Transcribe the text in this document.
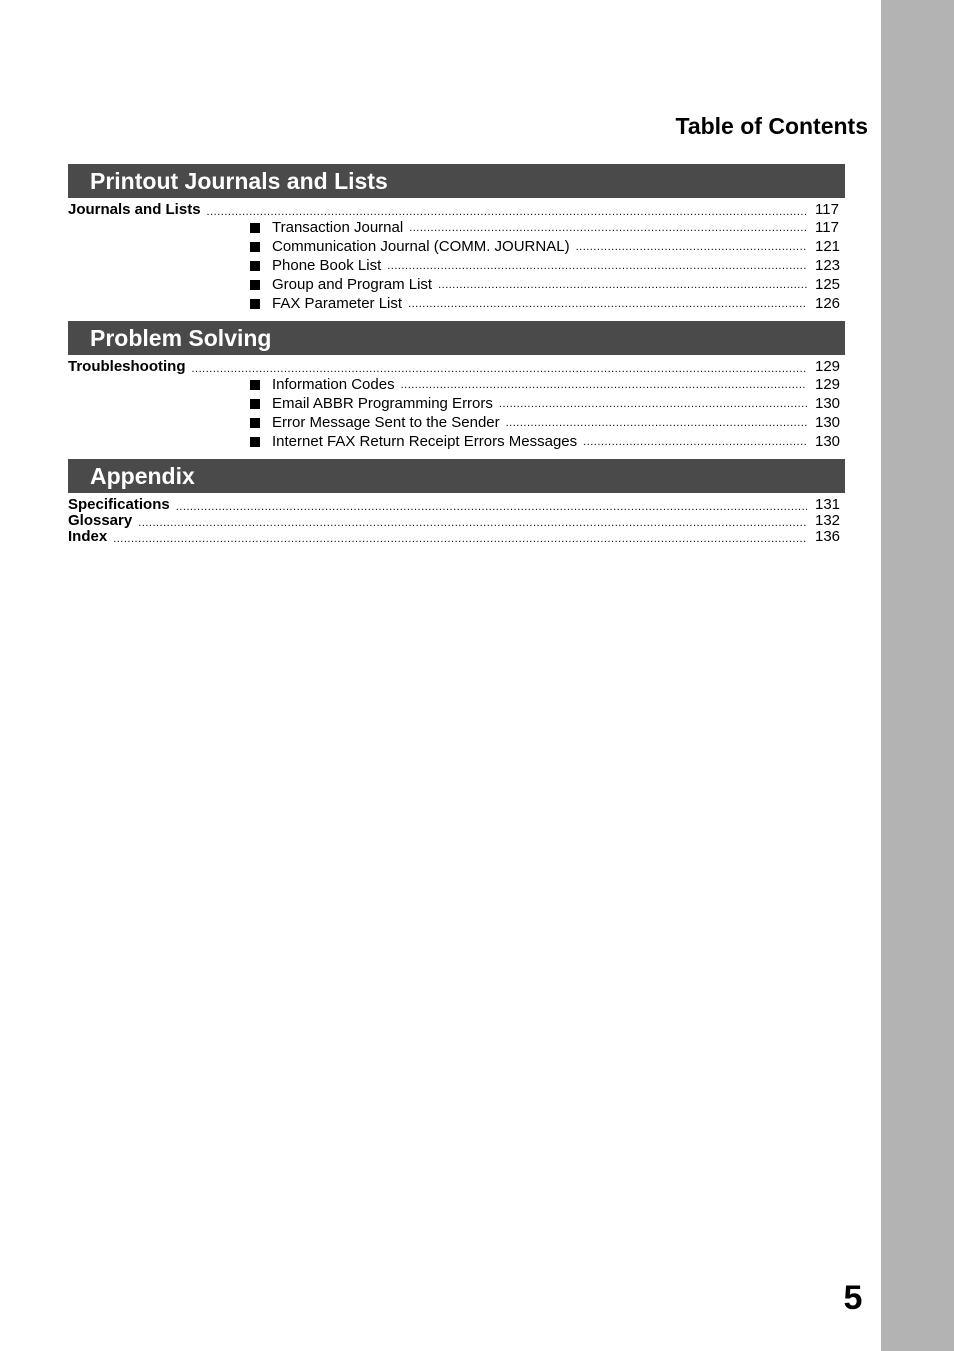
Table of Contents
Printout Journals and Lists
Journals and Lists .....	117
Transaction Journal .....	117
Communication Journal (COMM. JOURNAL) .....	121
Phone Book List .....	123
Group and Program List .....	125
FAX Parameter List .....	126
Problem Solving
Troubleshooting .....	129
Information Codes .....	129
Email ABBR Programming Errors .....	130
Error Message Sent to the Sender .....	130
Internet FAX Return Receipt Errors Messages .....	130
Appendix
Specifications .....	131
Glossary .....	132
Index .....	136
5
